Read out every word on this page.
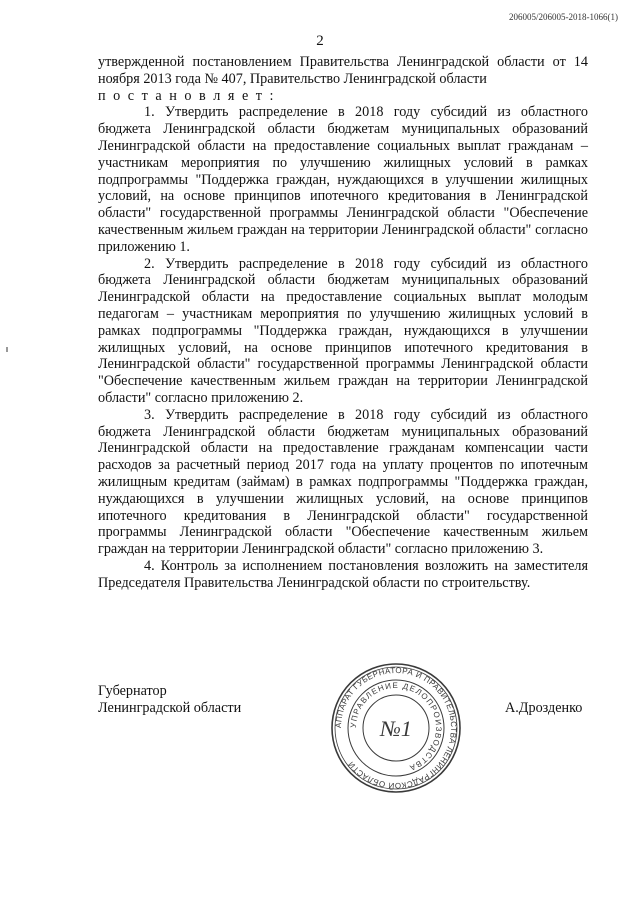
206005/206005-2018-1066(1)
2

утвержденной постановлением Правительства Ленинградской области от 14 ноября 2013 года № 407, Правительство Ленинградской области

п о с т а н о в л я е т :

1. Утвердить распределение в 2018 году субсидий из областного бюджета Ленинградской области бюджетам муниципальных образований Ленинградской области на предоставление социальных выплат гражданам – участникам мероприятия по улучшению жилищных условий в рамках подпрограммы "Поддержка граждан, нуждающихся в улучшении жилищных условий, на основе принципов ипотечного кредитования в Ленинградской области" государственной программы Ленинградской области "Обеспечение качественным жильем граждан на территории Ленинградской области" согласно приложению 1.

2. Утвердить распределение в 2018 году субсидий из областного бюджета Ленинградской области бюджетам муниципальных образований Ленинградской области на предоставление социальных выплат молодым педагогам – участникам мероприятия по улучшению жилищных условий в рамках подпрограммы "Поддержка граждан, нуждающихся в улучшении жилищных условий, на основе принципов ипотечного кредитования в Ленинградской области" государственной программы Ленинградской области "Обеспечение качественным жильем граждан на территории Ленинградской области" согласно приложению 2.

3. Утвердить распределение в 2018 году субсидий из областного бюджета Ленинградской области бюджетам муниципальных образований Ленинградской области на предоставление гражданам компенсации части расходов за расчетный период 2017 года на уплату процентов по ипотечным жилищным кредитам (займам) в рамках подпрограммы "Поддержка граждан, нуждающихся в улучшении жилищных условий, на основе принципов ипотечного кредитования в Ленинградской области" государственной программы Ленинградской области "Обеспечение качественным жильем граждан на территории Ленинградской области" согласно приложению 3.

4. Контроль за исполнением постановления возложить на заместителя Председателя Правительства Ленинградской области по строительству.

Губернатор
Ленинградской области	А.Дрозденко
АППАРАТ ГУБЕРНАТОРА И ПРАВИТЕЛЬСТВА ЛЕНИНГРАДСКОЙ ОБЛАСТИ
УПРАВЛЕНИЕ ДЕЛОПРОИЗВОДСТВА
№1
